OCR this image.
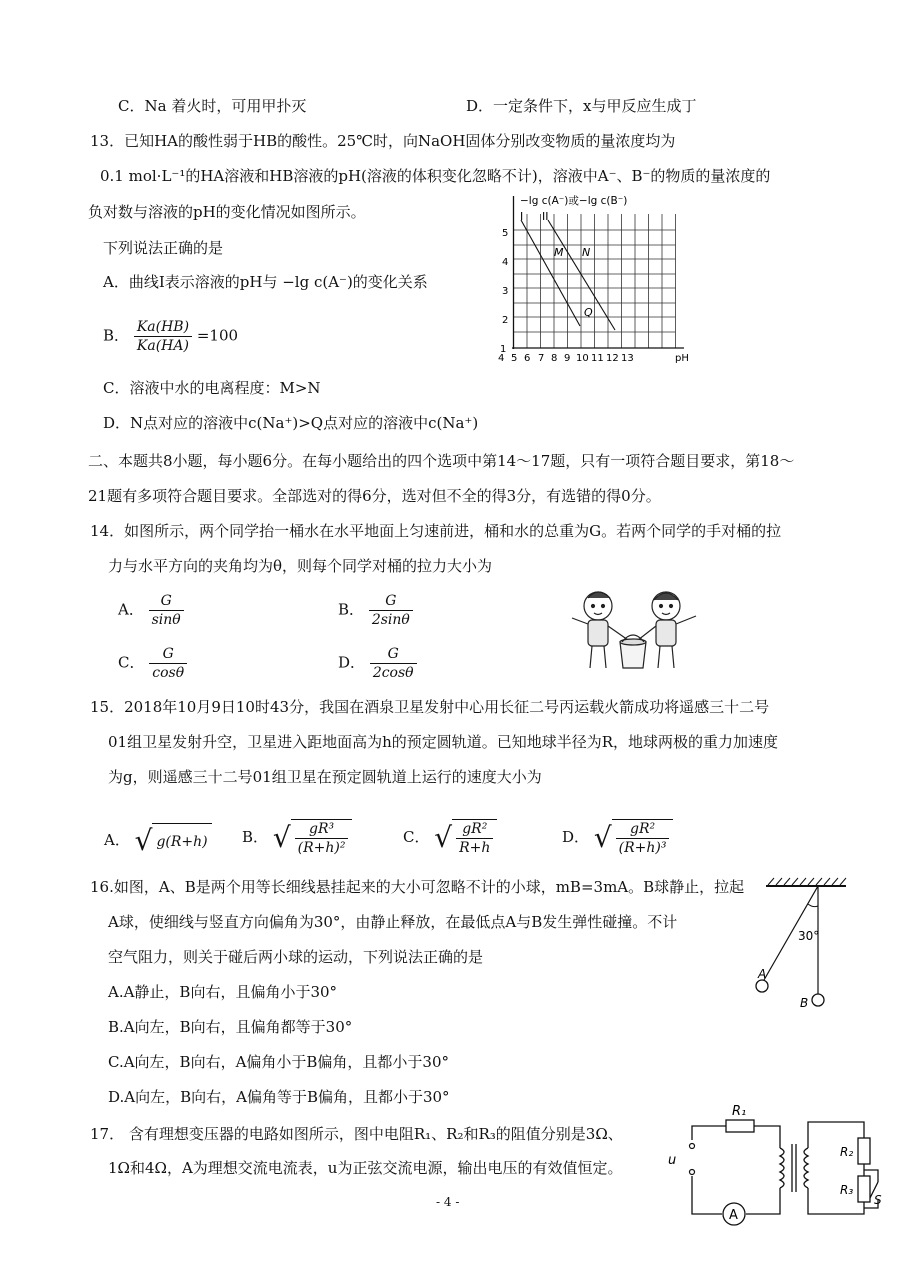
C．Na 着火时，可用甲扑灭	D．一定条件下，x与甲反应生成丁
13．已知HA的酸性弱于HB的酸性。25℃时，向NaOH固体分别改变物质的量浓度均为
0.1 mol·L⁻¹的HA溶液和HB溶液的pH(溶液的体积变化忽略不计)，溶液中A⁻、B⁻的物质的量浓度的
负对数与溶液的pH的变化情况如图所示。
下列说法正确的是
A．曲线Ⅰ表示溶液的pH与 −lg c(A⁻)的变化关系
B． $\frac{Ka(HB)}{Ka(HA)} =100$
C．溶液中水的电离程度：M>N
D．N点对应的溶液中c(Na⁺)>Q点对应的溶液中c(Na⁺)
−lg c(A⁻)或−lg c(B⁻)
pH
4 5 6 7 8 9 10 11 12 13
1
2
3
4
5
I II
M N
Q
二、本题共8小题，每小题6分。在每小题给出的四个选项中第14～17题，只有一项符合题目要求，第18～
21题有多项符合题目要求。全部选对的得6分，选对但不全的得3分，有选错的得0分。
14．如图所示，两个同学抬一桶水在水平地面上匀速前进，桶和水的总重为G。若两个同学的手对桶的拉
力与水平方向的夹角均为θ，则每个同学对桶的拉力大小为
A． $\frac{G}{\sin\theta}$	B． $\frac{G}{2\sin\theta}$
C． $\frac{G}{\cos\theta}$	D． $\frac{G}{2\cos\theta}$
15．2018年10月9日10时43分，我国在酒泉卫星发射中心用长征二号丙运载火箭成功将遥感三十二号
01组卫星发射升空，卫星进入距地面高为h的预定圆轨道。已知地球半径为R，地球两极的重力加速度
为g，则遥感三十二号01组卫星在预定圆轨道上运行的速度大小为
A． √ g(R+h) B． √ $\frac{\text{gR³}}{\text{(R+h)²}}$	C． √ $\frac{\text{gR²}}{R+h}$	D． √ $\frac{\text{gR²}}{\text{(R+h)³}}$
16.如图，A、B是两个用等长细线悬挂起来的大小可忽略不计的小球，mB=3mA。B球静止，拉起
A球，使细线与竖直方向偏角为30°，由静止释放，在最低点A与B发生弹性碰撞。不计
空气阻力，则关于碰后两小球的运动，下列说法正确的是
A.A静止，B向右，且偏角小于30°
B.A向左，B向右，且偏角都等于30°
C.A向左，B向右，A偏角小于B偏角，且都小于30°
D.A向左，B向右，A偏角等于B偏角，且都小于30°
30°
A
B
17． 含有理想变压器的电路如图所示，图中电阻R₁、R₂和R₃的阻值分别是3Ω、
1Ω和4Ω，A为理想交流电流表，u为正弦交流电源，输出电压的有效值恒定。
A
R₁
R₂
R₃
u
S
- 4 -
